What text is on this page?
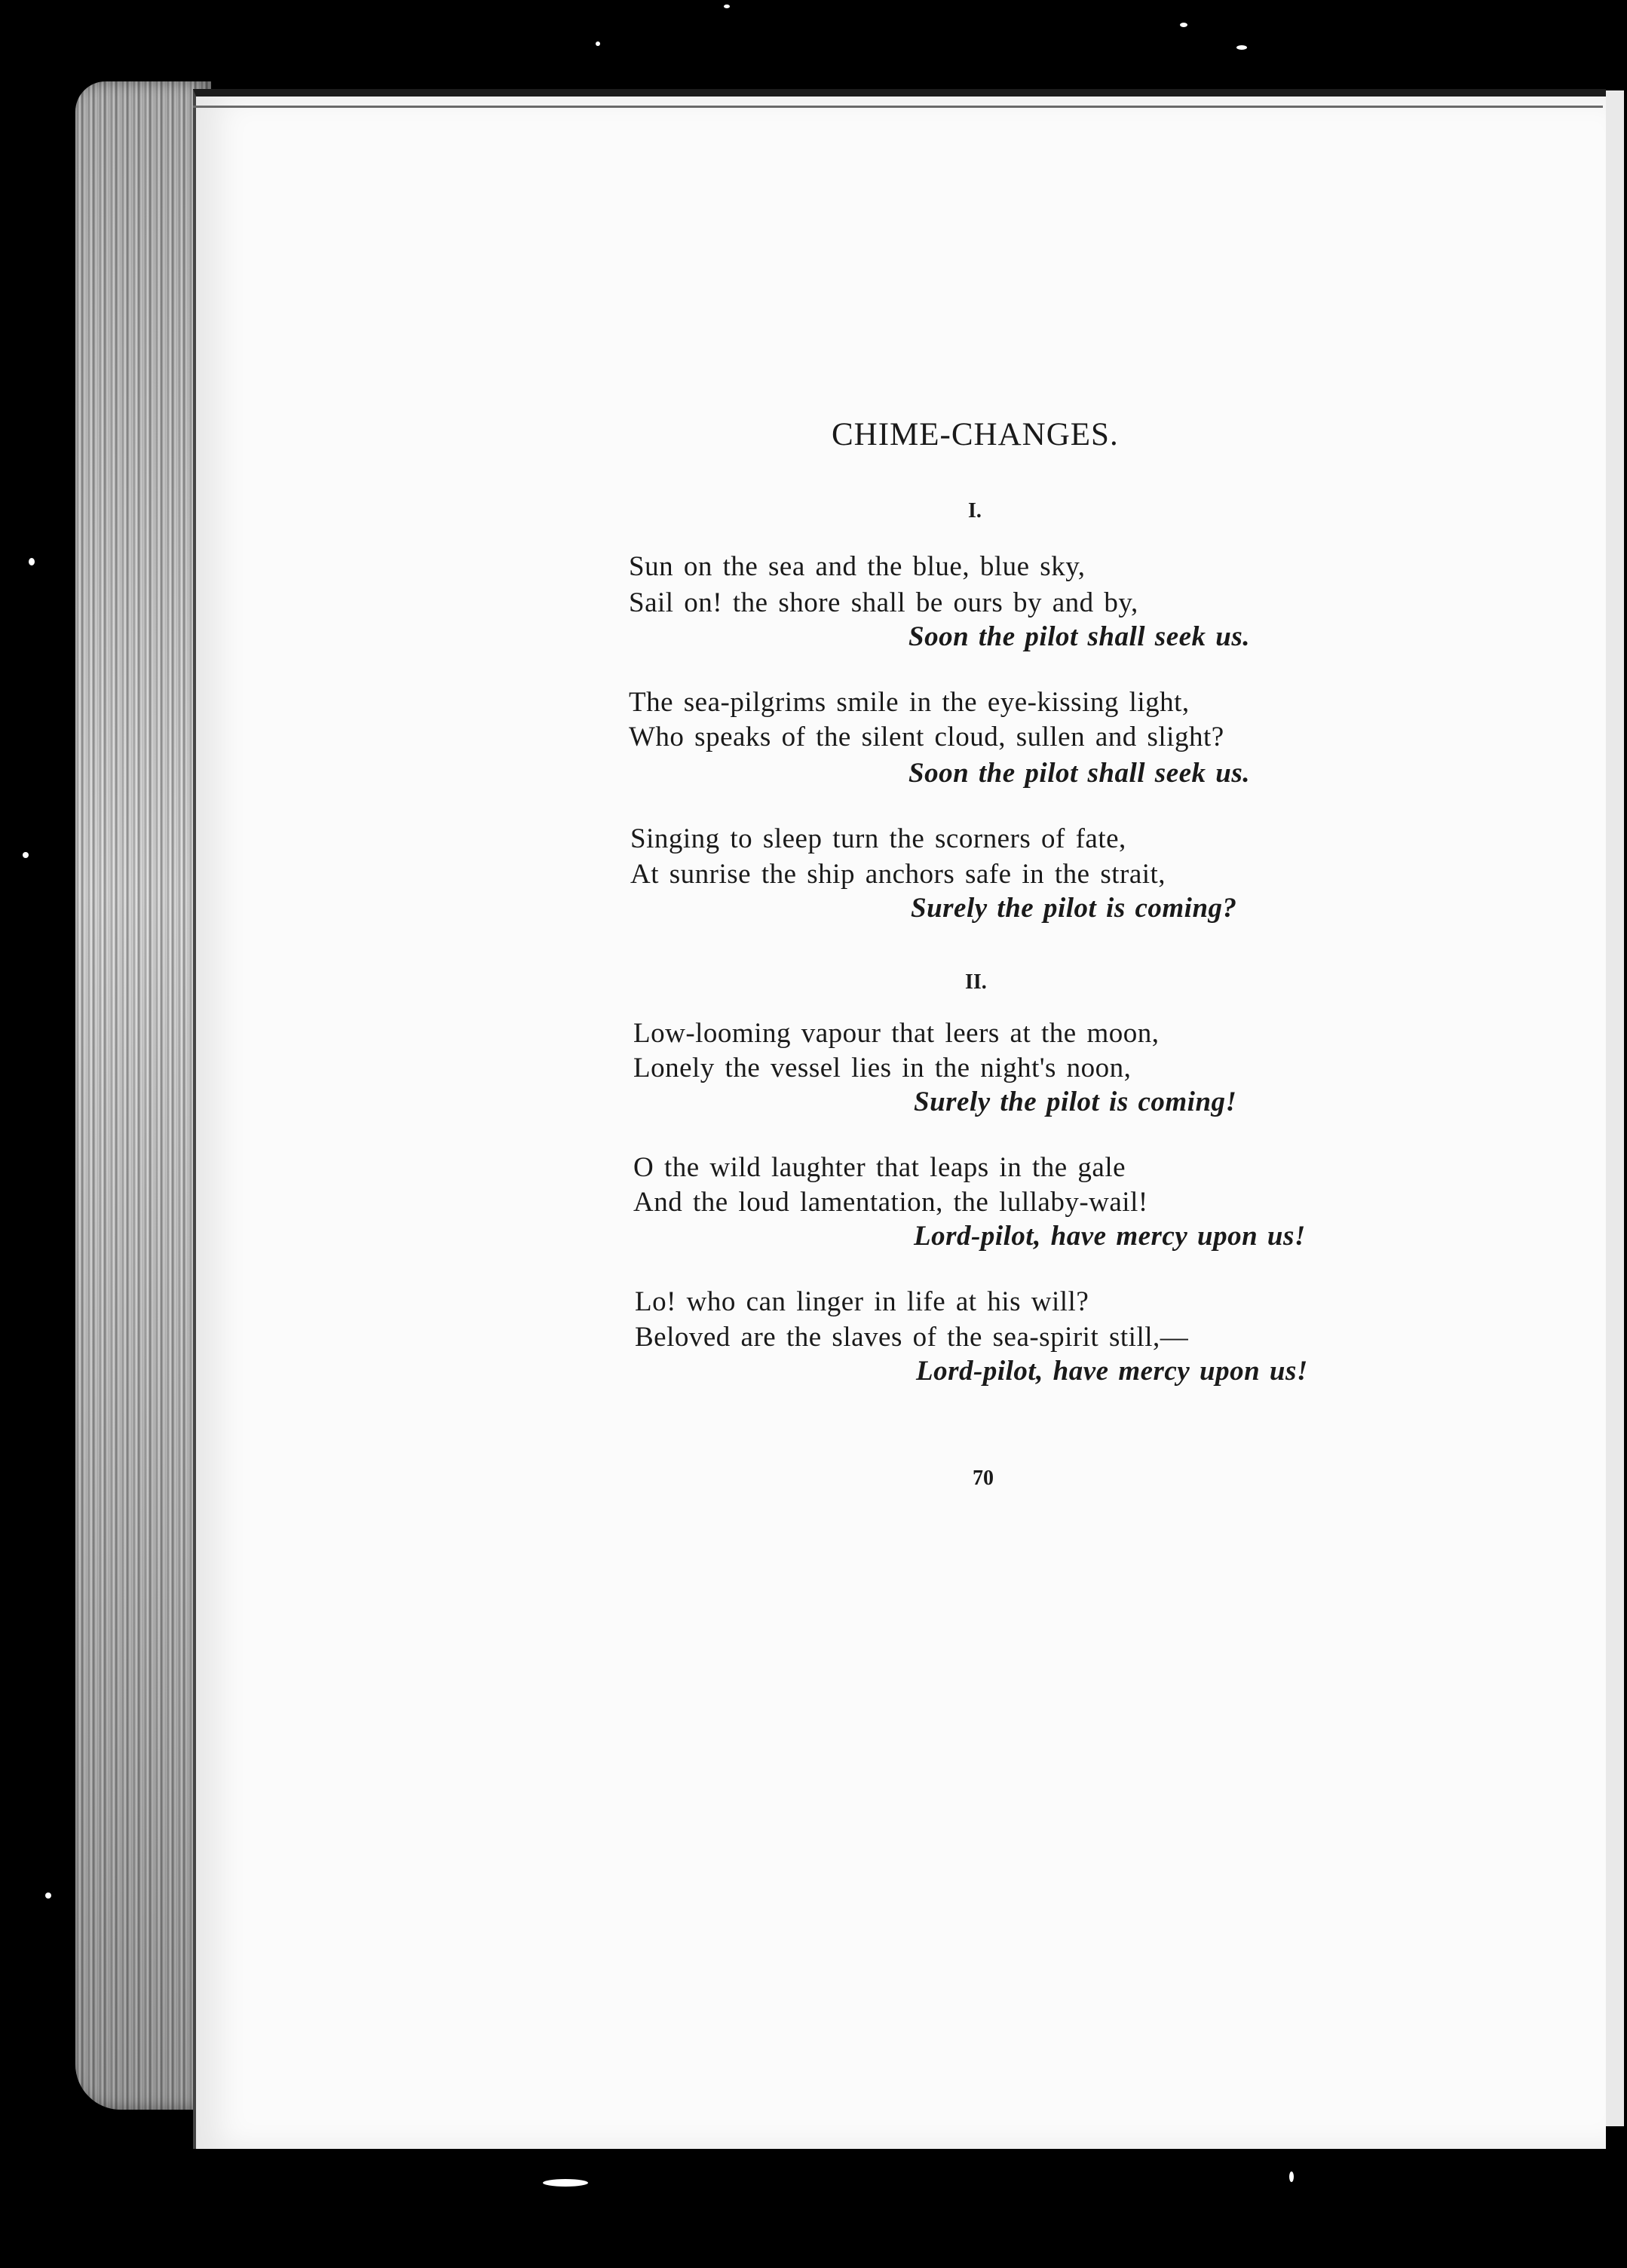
CHIME-CHANGES.
I.
Sun on the sea and the blue, blue sky,
Sail on! the shore shall be ours by and by,
Soon the pilot shall seek us.
The sea-pilgrims smile in the eye-kissing light,
Who speaks of the silent cloud, sullen and slight?
Soon the pilot shall seek us.
Singing to sleep turn the scorners of fate,
At sunrise the ship anchors safe in the strait,
Surely the pilot is coming?
II.
Low-looming vapour that leers at the moon,
Lonely the vessel lies in the night's noon,
Surely the pilot is coming!
O the wild laughter that leaps in the gale
And the loud lamentation, the lullaby-wail!
Lord-pilot, have mercy upon us!
Lo! who can linger in life at his will?
Beloved are the slaves of the sea-spirit still,—
Lord-pilot, have mercy upon us!
70
